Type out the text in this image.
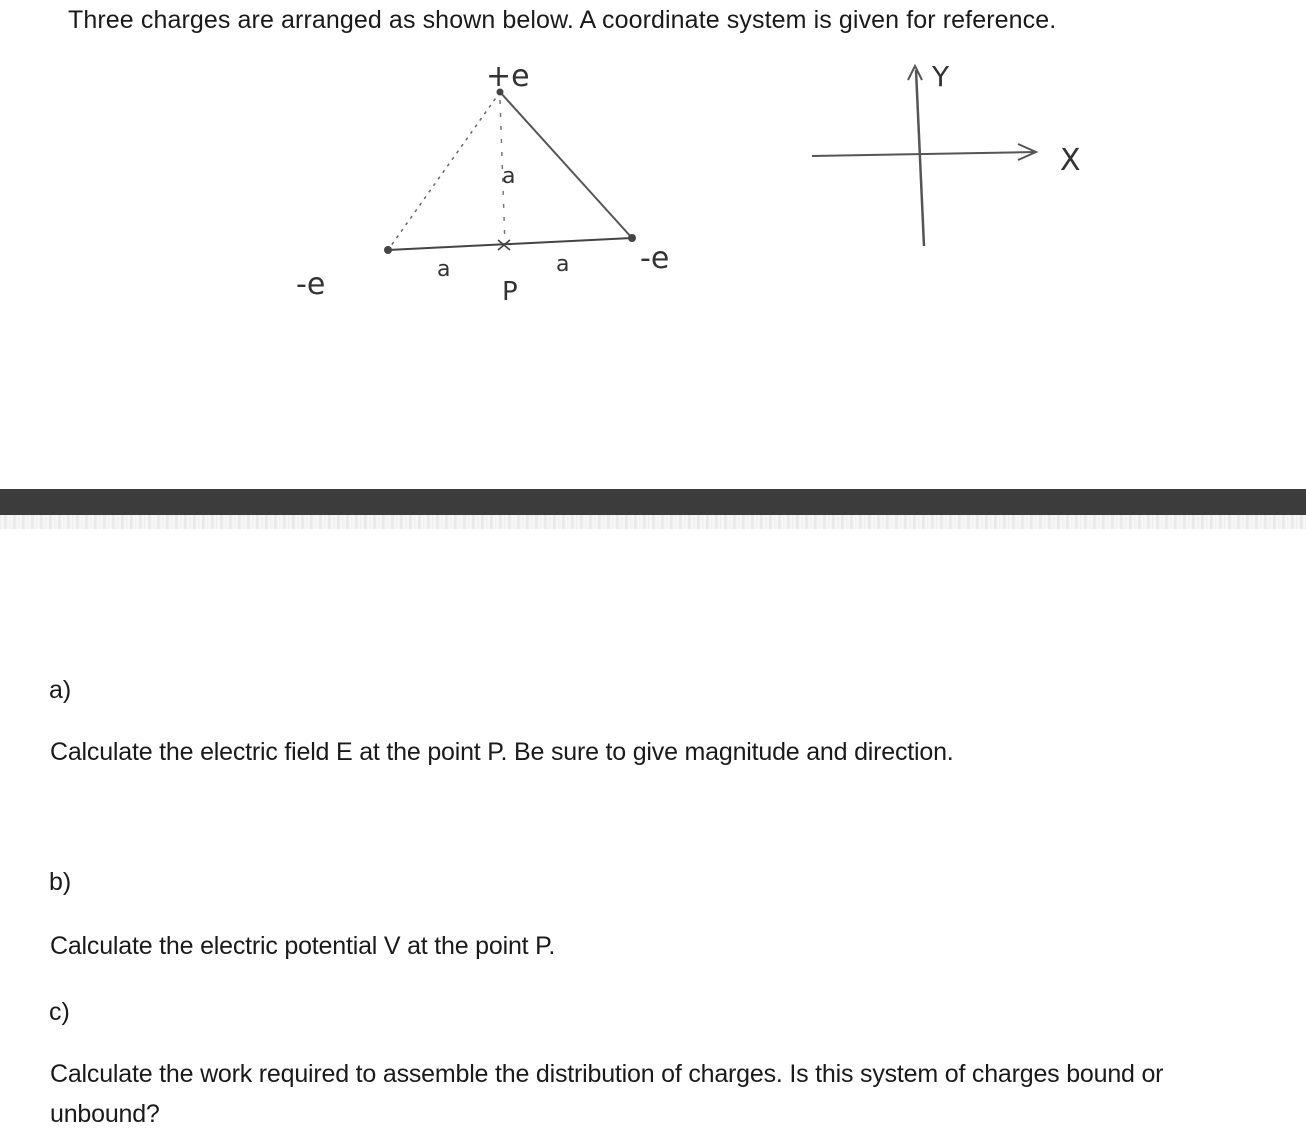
Three charges are arranged as shown below. A coordinate system is given for reference.
+e
-e
-e
a
a	a
P
Y
X
a)
Calculate the electric field E at the point P. Be sure to give magnitude and direction.
b)
Calculate the electric potential V at the point P.
c)
Calculate the work required to assemble the distribution of charges. Is this system of charges bound or unbound?
